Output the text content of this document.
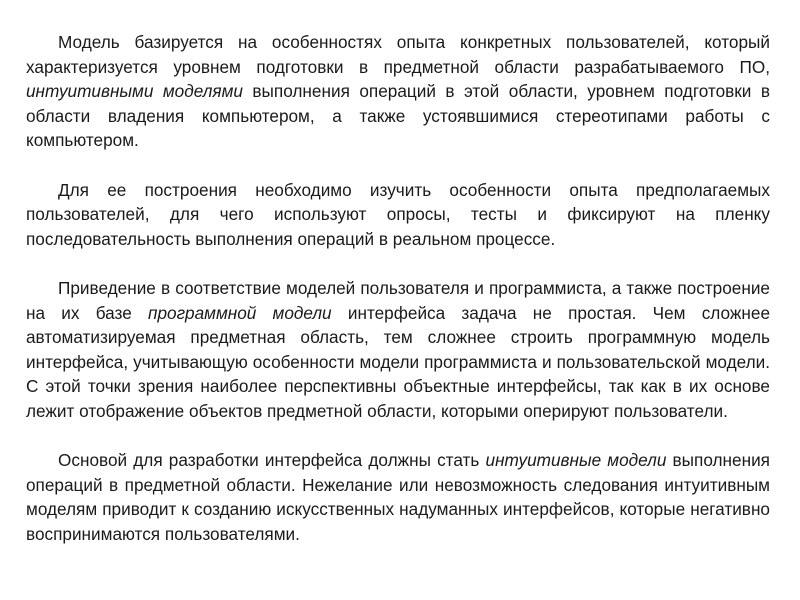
Модель базируется на особенностях опыта конкретных пользователей, который характеризуется уровнем подготовки в предметной области разрабатываемого ПО, интуитивными моделями выполнения операций в этой области, уровнем подготовки в области владения компьютером, а также устоявшимися стереотипами работы с компьютером.

Для ее построения необходимо изучить особенности опыта предполагаемых пользователей, для чего используют опросы, тесты и фиксируют на пленку последовательность выполнения операций в реальном процессе.

Приведение в соответствие моделей пользователя и программиста, а также построение на их базе программной модели интерфейса задача не простая. Чем сложнее автоматизируемая предметная область, тем сложнее строить программную модель интерфейса, учитывающую особенности модели программиста и пользовательской модели. С этой точки зрения наиболее перспективны объектные интерфейсы, так как в их основе лежит отображение объектов предметной области, которыми оперируют пользователи.

Основой для разработки интерфейса должны стать интуитивные модели выполнения операций в предметной области. Нежелание или невозможность следования интуитивным моделям приводит к созданию искусственных надуманных интерфейсов, которые негативно воспринимаются пользователями.
